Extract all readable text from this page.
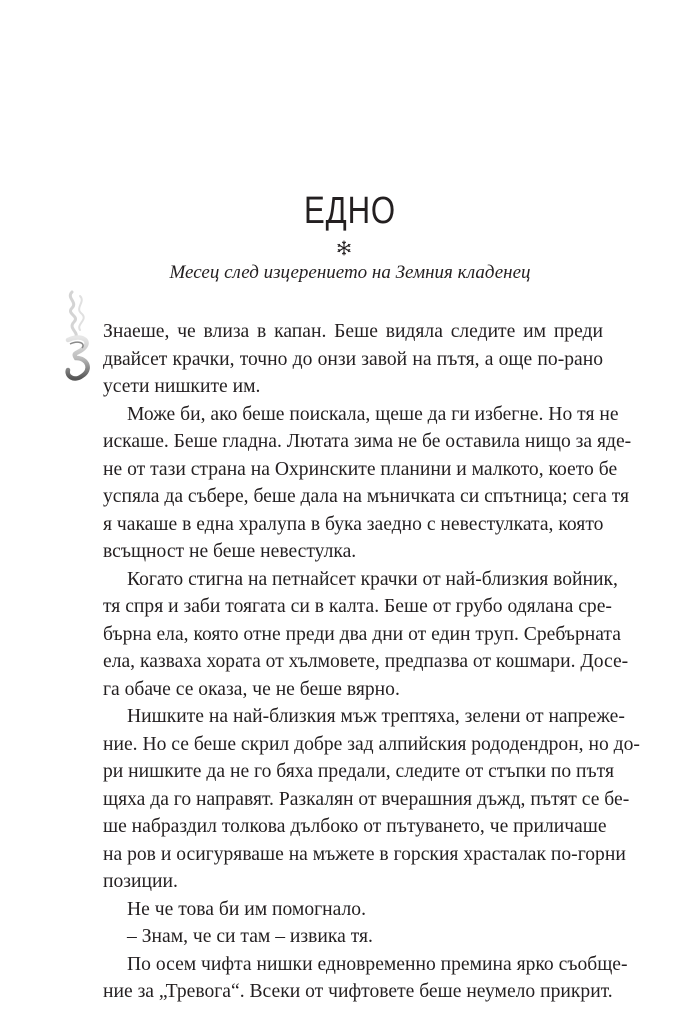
ЕДНО

Месец след изцерението на Земния кладенец

Знаеше, че влиза в капан. Беше видяла следите им преди
двайсет крачки, точно до онзи завой на пътя, а още по-рано
усети нишките им.
Може би, ако беше поискала, щеше да ги избегне. Но тя не
искаше. Беше гладна. Лютата зима не бе оставила нищо за яде-
не от тази страна на Охринските планини и малкото, което бе
успяла да събере, беше дала на мъничката си спътница; сега тя
я чакаше в една хралупа в бука заедно с невестулката, която
всъщност не беше невестулка.
Когато стигна на петнайсет крачки от най-близкия войник,
тя спря и заби тоягата си в калта. Беше от грубо одялана сре-
бърна ела, която отне преди два дни от един труп. Сребърната
ела, казваха хората от хълмовете, предпазва от кошмари. Досе-
га обаче се оказа, че не беше вярно.
Нишките на най-близкия мъж трептяха, зелени от напреже-
ние. Но се беше скрил добре зад алпийския рододендрон, но до-
ри нишките да не го бяха предали, следите от стъпки по пътя
щяха да го направят. Разкалян от вчерашния дъжд, пътят се бе-
ше набраздил толкова дълбоко от пътуването, че приличаше
на ров и осигуряваше на мъжете в горския храсталак по-горни
позиции.
Не че това би им помогнало.
– Знам, че си там – извика тя.
По осем чифта нишки едновременно премина ярко съобще-
ние за „Тревога“. Всеки от чифтовете беше неумело прикрит.
